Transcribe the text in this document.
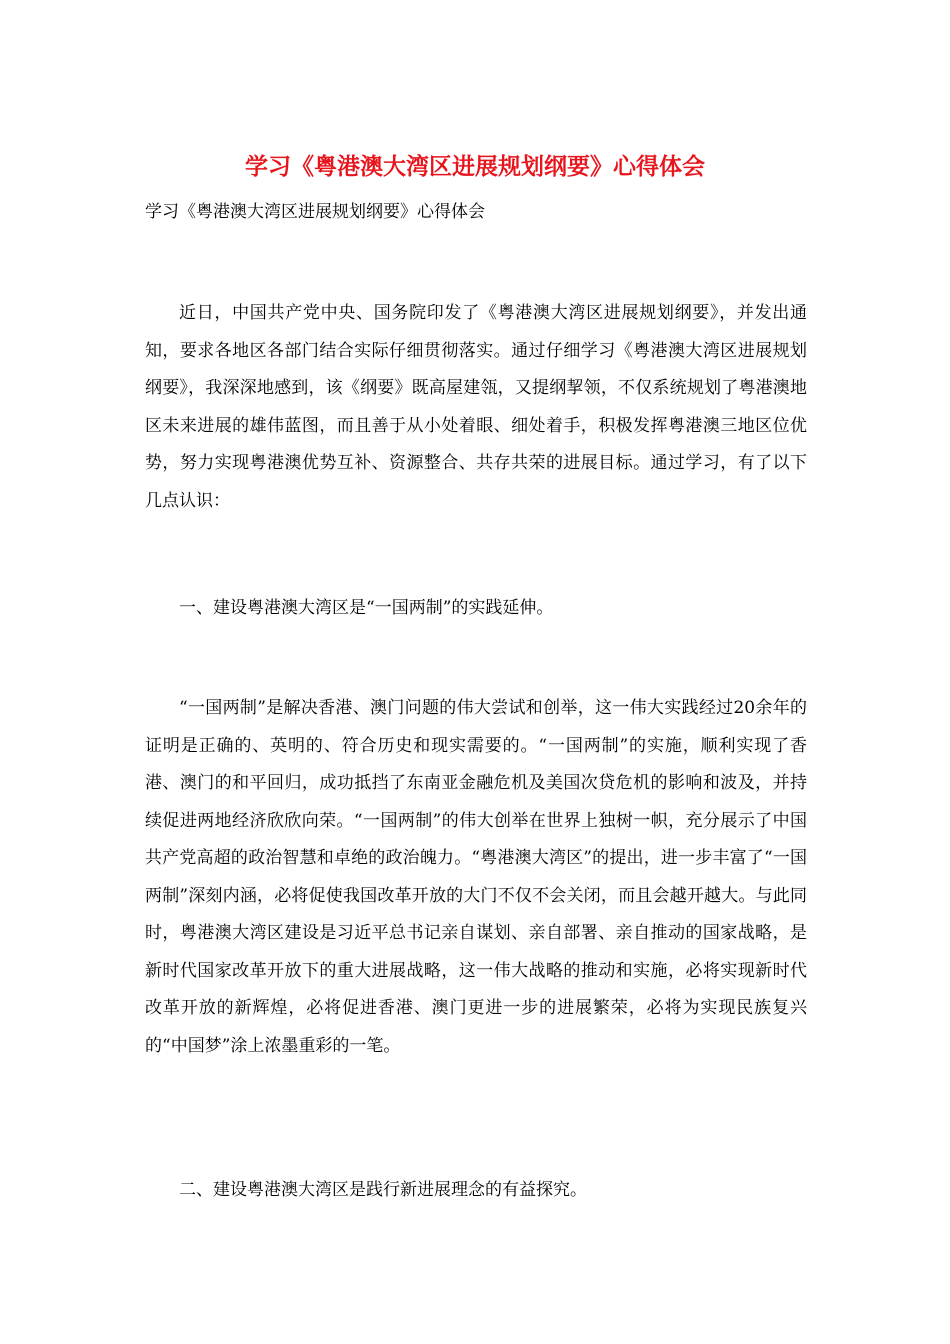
学习《粤港澳大湾区进展规划纲要》心得体会

学习《粤港澳大湾区进展规划纲要》心得体会

近日，中国共产党中央、国务院印发了《粤港澳大湾区进展规划纲要》，并发出通知，要求各地区各部门结合实际仔细贯彻落实。通过仔细学习《粤港澳大湾区进展规划纲要》，我深深地感到，该《纲要》既高屋建瓴，又提纲挈领，不仅系统规划了粤港澳地区未来进展的雄伟蓝图，而且善于从小处着眼、细处着手，积极发挥粤港澳三地区位优势，努力实现粤港澳优势互补、资源整合、共存共荣的进展目标。通过学习，有了以下几点认识：

一、建设粤港澳大湾区是“一国两制”的实践延伸。

“一国两制”是解决香港、澳门问题的伟大尝试和创举，这一伟大实践经过20余年的证明是正确的、英明的、符合历史和现实需要的。“一国两制”的实施，顺利实现了香港、澳门的和平回归，成功抵挡了东南亚金融危机及美国次贷危机的影响和波及，并持续促进两地经济欣欣向荣。“一国两制”的伟大创举在世界上独树一帜，充分展示了中国共产党高超的政治智慧和卓绝的政治魄力。“粤港澳大湾区”的提出，进一步丰富了“一国两制”深刻内涵，必将促使我国改革开放的大门不仅不会关闭，而且会越开越大。与此同时，粤港澳大湾区建设是习近平总书记亲自谋划、亲自部署、亲自推动的国家战略，是新时代国家改革开放下的重大进展战略，这一伟大战略的推动和实施，必将实现新时代改革开放的新辉煌，必将促进香港、澳门更进一步的进展繁荣，必将为实现民族复兴的“中国梦”涂上浓墨重彩的一笔。

二、建设粤港澳大湾区是践行新进展理念的有益探究。
